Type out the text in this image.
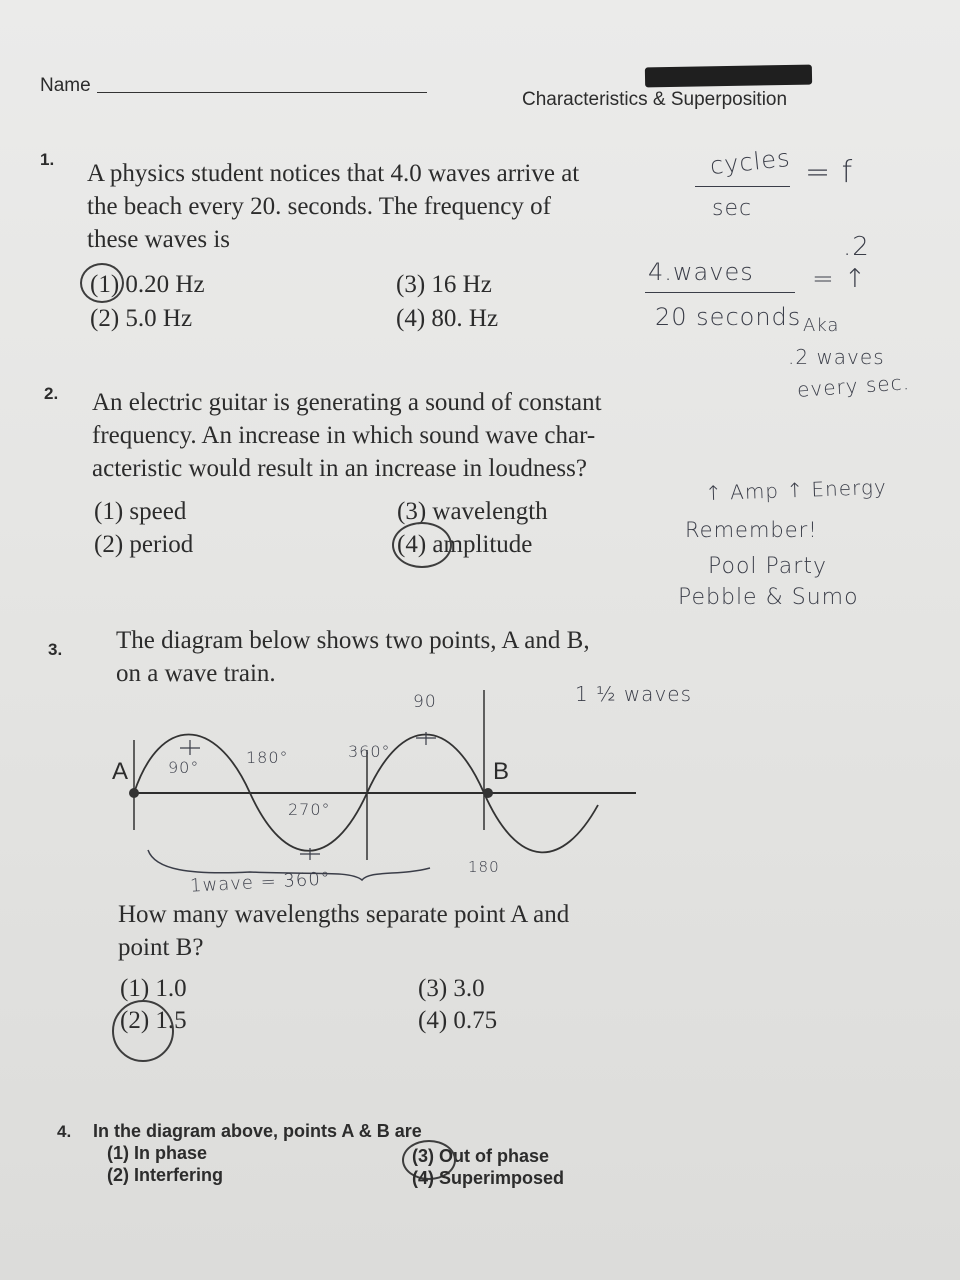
Name
Characteristics & Superposition
1.
A physics student notices that 4.0 waves arrive at
the beach every 20. seconds. The frequency of
these waves is
(1) 0.20 Hz
(2) 5.0 Hz
(3) 16 Hz
(4) 80. Hz
cycles
sec
= f
.2
4.waves = ↑
20 seconds Aka
.2 waves
every sec.
2. An electric guitar is generating a sound of constant
frequency. An increase in which sound wave char-
acteristic would result in an increase in loudness?
(1) speed
(2) period
(3) wavelength
(4) amplitude
↑ Amp ↑ Energy
Remember!
Pool Party
Pebble & Sumo
3. The diagram below shows two points, A and B,
on a wave train.
A	B
90	1 ½ waves
90°
180°	360°
270°
180
1wave = 360°
How many wavelengths separate point A and
point B?
(1) 1.0
(2) 1.5
(3) 3.0
(4) 0.75
4. In the diagram above, points A & B are
(1) In phase
(2) Interfering
(3) Out of phase
(4) Superimposed
